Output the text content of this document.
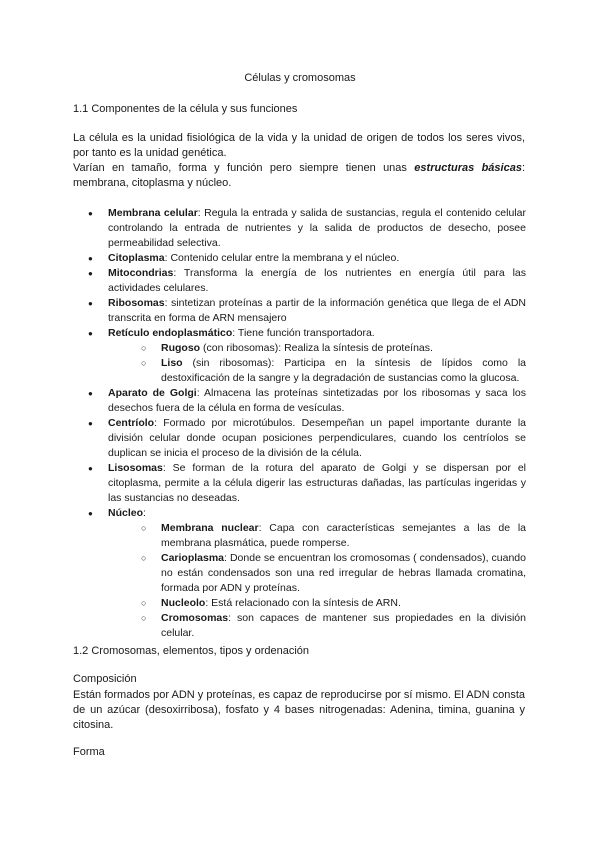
Células y cromosomas
1.1 Componentes de la célula y sus funciones
La célula es la unidad fisiológica de la vida y la unidad de origen de todos los seres vivos, por tanto es la unidad genética.
Varían en tamaño, forma y función pero siempre tienen unas estructuras básicas: membrana, citoplasma y núcleo.
● Membrana celular: Regula la entrada y salida de sustancias, regula el contenido celular controlando la entrada de nutrientes y la salida de productos de desecho, posee permeabilidad selectiva.
● Citoplasma: Contenido celular entre la membrana y el núcleo.
● Mitocondrias: Transforma la energía de los nutrientes en energía útil para las actividades celulares.
● Ribosomas: sintetizan proteínas a partir de la información genética que llega de el ADN transcrita en forma de ARN mensajero
● Retículo endoplasmático: Tiene función transportadora.
○ Rugoso (con ribosomas): Realiza la síntesis de proteínas.
○ Liso (sin ribosomas): Participa en la síntesis de lípidos como la destoxificación de la sangre y la degradación de sustancias como la glucosa.
● Aparato de Golgi: Almacena las proteínas sintetizadas por los ribosomas y saca los desechos fuera de la célula en forma de vesículas.
● Centríolo: Formado por microtúbulos. Desempeñan un papel importante durante la división celular donde ocupan posiciones perpendiculares, cuando los centríolos se duplican se inicia el proceso de la división de la célula.
● Lisosomas: Se forman de la rotura del aparato de Golgi y se dispersan por el citoplasma, permite a la célula digerir las estructuras dañadas, las partículas ingeridas y las sustancias no deseadas.
● Núcleo:
○ Membrana nuclear: Capa con características semejantes a las de la membrana plasmática, puede romperse.
○ Carioplasma: Donde se encuentran los cromosomas ( condensados), cuando no están condensados son una red irregular de hebras llamada cromatina, formada por ADN y proteínas.
○ Nucleolo: Está relacionado con la síntesis de ARN.
○ Cromosomas: son capaces de mantener sus propiedades en la división celular.
1.2 Cromosomas, elementos, tipos y ordenación
Composición
Están formados por ADN y proteínas, es capaz de reproducirse por sí mismo. El ADN consta de un azúcar (desoxirribosa), fosfato y 4 bases nitrogenadas: Adenina, timina, guanina y citosina.
Forma
